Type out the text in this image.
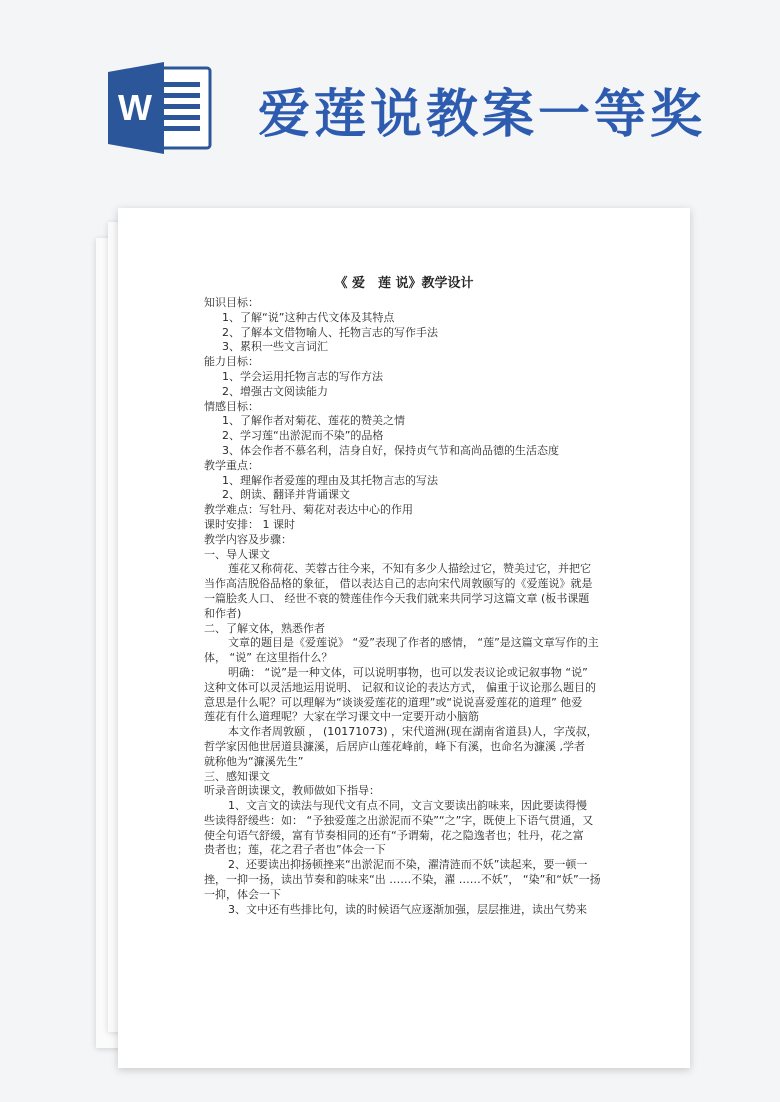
W 爱莲说教案一等奖
《 爱　莲 说》教学设计
知识目标：
1、了解“说”这种古代文体及其特点
2、了解本文借物喻人、托物言志的写作手法
3、累积一些文言词汇
能力目标：
1、学会运用托物言志的写作方法
2、增强古文阅读能力
情感目标：
1、了解作者对菊花、莲花的赞美之情
2、学习莲“出淤泥而不染”的品格
3、体会作者不慕名利，洁身自好，保持贞气节和高尚品德的生活态度
教学重点：
1、理解作者爱莲的理由及其托物言志的写法
2、朗读、翻译并背诵课文
教学难点：写牡丹、菊花对表达中心的作用
课时安排： 1 课时
教学内容及步骤：
一、导人课文
莲花又称荷花、芙蓉古往今来，不知有多少人描绘过它，赞美过它，并把它
当作高洁脱俗品格的象征， 借以表达自己的志向宋代周敦颐写的《爱莲说》就是
一篇脍炙人口、 经世不衰的赞莲佳作今天我们就来共同学习这篇文章 (板书课题
和作者)
二、了解文体，熟悉作者
文章的题目是《爱莲说》 “爱”表现了作者的感情， “莲”是这篇文章写作的主
体， “说” 在这里指什么？
明确： “说”是一种文体，可以说明事物，也可以发表议论或记叙事物 “说”
这种文体可以灵活地运用说明、 记叙和议论的表达方式， 偏重于议论那么题目的
意思是什么呢？可以理解为“谈谈爱莲花的道理”或“说说喜爱莲花的道理” 他爱
莲花有什么道理呢？大家在学习课文中一定要开动小脑筋
本文作者周敦颐 ， (10171073) ，宋代道洲(现在湖南省道县)人，字茂叔，
哲学家因他世居道县濂溪，后居庐山莲花峰前，峰下有溪，也命名为濂溪 ,学者
就称他为“濂溪先生”
三、感知课文
听录音朗读课文，教师做如下指导：
1、文言文的读法与现代文有点不同，文言文要读出韵味来，因此要读得慢
些读得舒缓些：如： “予独爱莲之出淤泥而不染”“之”字，既使上下语气贯通，又
使全句语气舒缓，富有节奏相同的还有“予谓菊，花之隐逸者也；牡丹，花之富
贵者也；莲，花之君子者也”体会一下
2、还要读出抑扬顿挫来“出淤泥而不染，濯清涟而不妖”读起来，要一顿一
挫，一抑一扬，读出节奏和韵味来“出 ……不染，濯 ……不妖”， “染”和“妖”一扬
一抑，体会一下
3、文中还有些排比句，读的时候语气应逐渐加强，层层推进，读出气势来
